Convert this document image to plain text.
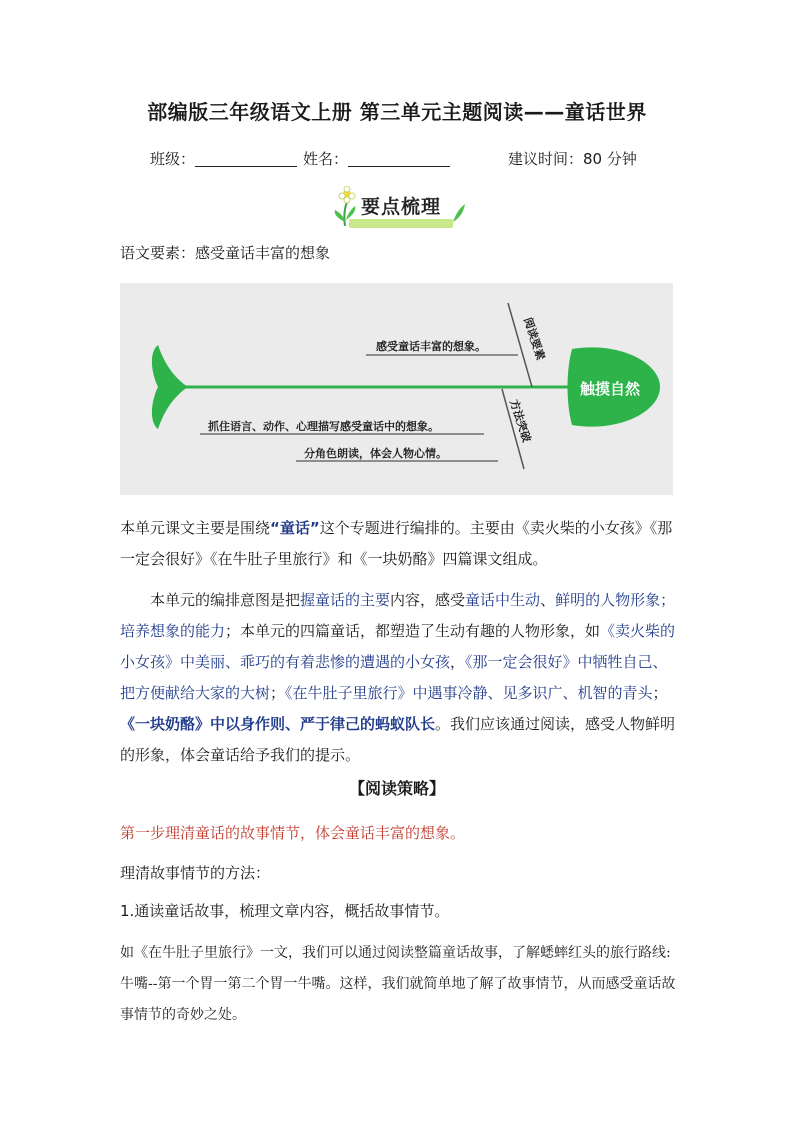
部编版三年级语文上册 第三单元主题阅读——童话世界
班级：	姓名：	建议时间：80 分钟
要点梳理
语文要素：感受童话丰富的想象
触摸自然
感受童话丰富的想象。	阅读要素
抓住语言、动作、心理描写感受童话中的想象。
分角色朗读，体会人物心情。
方法突破
本单元课文主要是围绕“童话”这个专题进行编排的。主要由《卖火柴的小女孩》《那一定会很好》《在牛肚子里旅行》和《一块奶酪》四篇课文组成。
本单元的编排意图是把握童话的主要内容，感受童话中生动、鲜明的人物形象；培养想象的能力；本单元的四篇童话，都塑造了生动有趣的人物形象，如《卖火柴的小女孩》中美丽、乖巧的有着悲惨的遭遇的小女孩，《那一定会很好》中牺牲自己、把方便献给大家的大树；《在牛肚子里旅行》中遇事冷静、见多识广、机智的青头；《一块奶酪》中以身作则、严于律己的蚂蚁队长。我们应该通过阅读，感受人物鲜明的形象，体会童话给予我们的提示。
【阅读策略】
第一步理清童话的故事情节，体会童话丰富的想象。
理清故事情节的方法：
1.通读童话故事，梳理文章内容，概括故事情节。
如《在牛肚子里旅行》一文，我们可以通过阅读整篇童话故事，了解蟋蟀红头的旅行路线:牛嘴--第一个胃一第二个胃一牛嘴。这样，我们就简单地了解了故事情节，从而感受童话故事情节的奇妙之处。
